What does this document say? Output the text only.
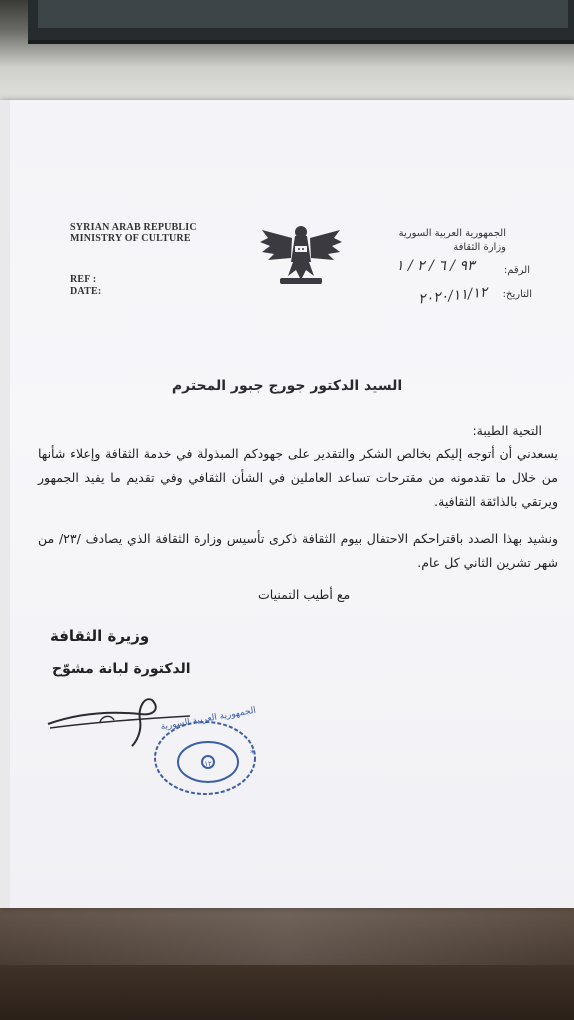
SYRIAN ARAB REPUBLIC
MINISTRY OF CULTURE
REF :
DATE:
الجمهورية العربية السورية
وزارة الثقافة
الرقم:
٩٣ / ٦ / ٢ / ١
التاريخ:
٢٠٢٠/١١/١٢
السيد الدكتور جورج جبور المحترم
التحية الطيبة:
يسعدني أن أتوجه إليكم بخالص الشكر والتقدير على جهودكم المبذولة في خدمة الثقافة وإعلاء شأنها من خلال ما تقدمونه من مقترحات تساعد العاملين في الشأن الثقافي وفي تقديم ما يفيد الجمهور ويرتقي بالذائقة الثقافية.
ونشيد بهذا الصدد باقتراحكم الاحتفال بيوم الثقافة ذكرى تأسيس وزارة الثقافة الذي يصادف /٢٣/ من شهر تشرين الثاني كل عام.
مع أطيب التمنيات
وزيرة الثقافة
الدكتورة لبانة مشوّح
١٢
*
الجمهورية العربية السورية
